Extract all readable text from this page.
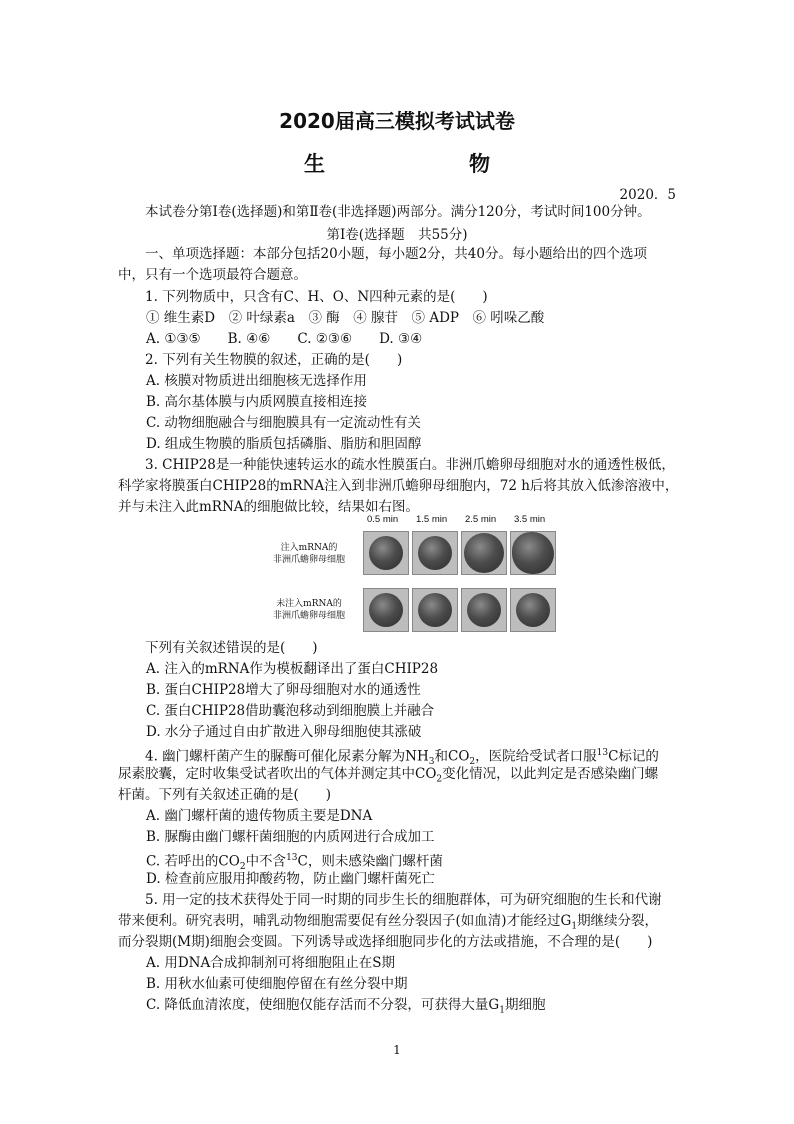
2020届高三模拟考试试卷
生　　物
2020．5
本试卷分第Ⅰ卷(选择题)和第Ⅱ卷(非选择题)两部分。满分120分，考试时间100分钟。
第Ⅰ卷(选择题　共55分)
一、单项选择题：本部分包括20小题，每小题2分，共40分。每小题给出的四个选项
中，只有一个选项最符合题意。
1. 下列物质中，只含有C、H、O、N四种元素的是(　　)
① 维生素D　② 叶绿素a　③ 酶　④ 腺苷　⑤ ADP　⑥ 吲哚乙酸
A. ①③⑤　　B. ④⑥　　C. ②③⑥　　D. ③④
2. 下列有关生物膜的叙述，正确的是(　　)
A. 核膜对物质进出细胞核无选择作用
B. 高尔基体膜与内质网膜直接相连接
C. 动物细胞融合与细胞膜具有一定流动性有关
D. 组成生物膜的脂质包括磷脂、脂肪和胆固醇
3. CHIP28是一种能快速转运水的疏水性膜蛋白。非洲爪蟾卵母细胞对水的通透性极低，
科学家将膜蛋白CHIP28的mRNA注入到非洲爪蟾卵母细胞内，72 h后将其放入低渗溶液中，
并与未注入此mRNA的细胞做比较，结果如右图。
0.5 min 1.5 min 2.5 min 3.5 min
注入mRNA的
非洲爪蟾卵母细胞
未注入mRNA的
非洲爪蟾卵母细胞
下列有关叙述错误的是(　　)
A. 注入的mRNA作为模板翻译出了蛋白CHIP28
B. 蛋白CHIP28增大了卵母细胞对水的通透性
C. 蛋白CHIP28借助囊泡移动到细胞膜上并融合
D. 水分子通过自由扩散进入卵母细胞使其涨破
4. 幽门螺杆菌产生的脲酶可催化尿素分解为$NH_3$和$CO_2$，医院给受试者口服$^{13}$C标记的
尿素胶囊，定时收集受试者吹出的气体并测定其中$CO_2$变化情况，以此判定是否感染幽门螺
杆菌。下列有关叙述正确的是(　　)
A. 幽门螺杆菌的遗传物质主要是DNA
B. 脲酶由幽门螺杆菌细胞的内质网进行合成加工
C. 若呼出的$CO_2$中不含$^{13}$C，则未感染幽门螺杆菌
D. 检查前应服用抑酸药物，防止幽门螺杆菌死亡
5. 用一定的技术获得处于同一时期的同步生长的细胞群体，可为研究细胞的生长和代谢
带来便利。研究表明，哺乳动物细胞需要促有丝分裂因子(如血清)才能经过$G_1$期继续分裂，
而分裂期(M期)细胞会变圆。下列诱导或选择细胞同步化的方法或措施，不合理的是(　　)
A. 用DNA合成抑制剂可将细胞阻止在S期
B. 用秋水仙素可使细胞停留在有丝分裂中期
C. 降低血清浓度，使细胞仅能存活而不分裂，可获得大量$G_1$期细胞
1
